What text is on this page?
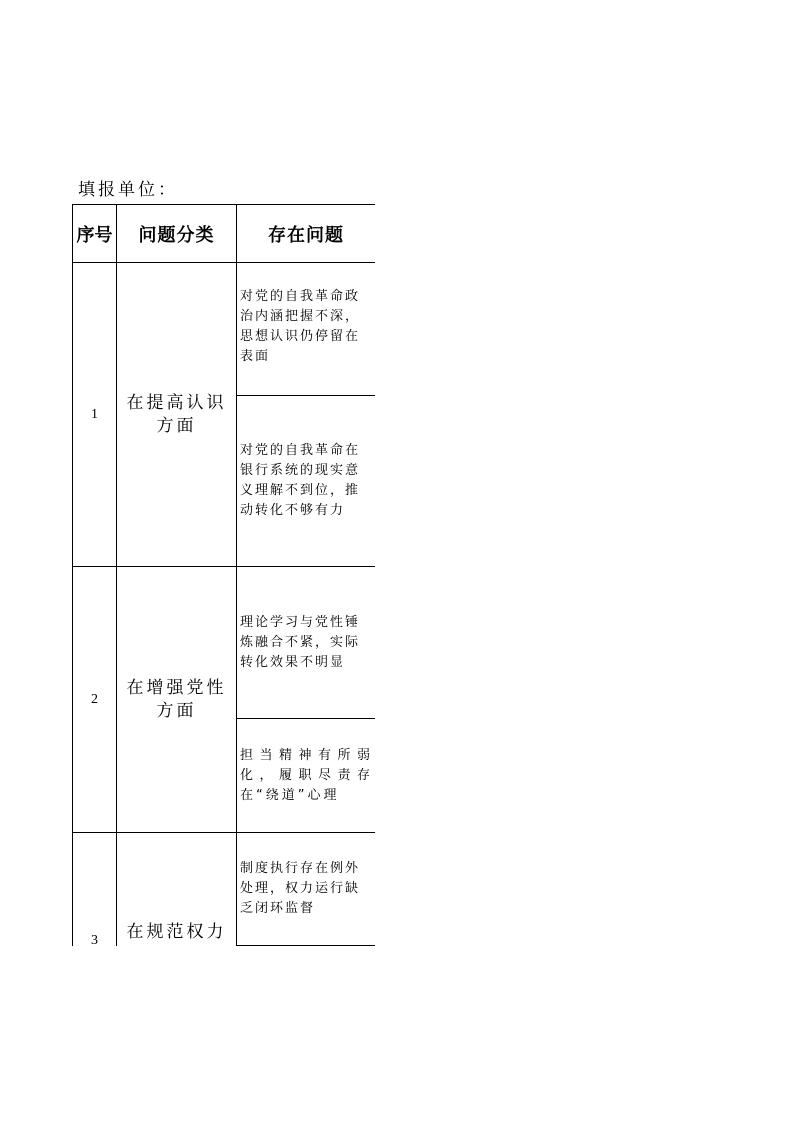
填报单位：
序号	问题分类	存在问题
1	在提高认识方面	对党的自我革命政治内涵把握不深，思想认识仍停留在表面
		对党的自我革命在银行系统的现实意义理解不到位，推动转化不够有力
2	在增强党性方面	理论学习与党性锤炼融合不紧，实际转化效果不明显
		担当精神有所弱化，履职尽责存在“绕道”心理
3	在规范权力	制度执行存在例外处理，权力运行缺乏闭环监督
